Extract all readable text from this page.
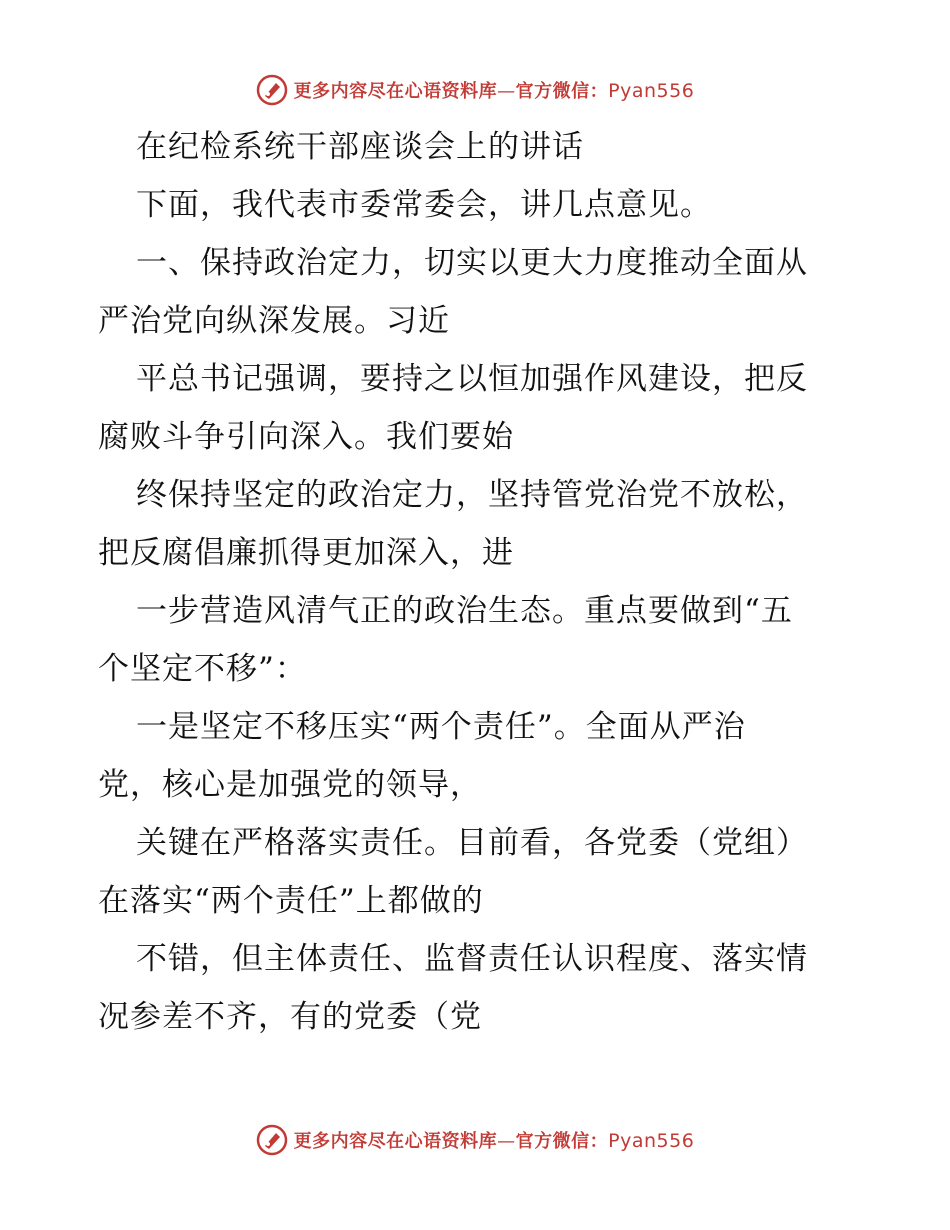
更多内容尽在心语资料库—官方微信：Pyan556
在纪检系统干部座谈会上的讲话
下面，我代表市委常委会，讲几点意见。
一、保持政治定力，切实以更大力度推动全面从
严治党向纵深发展。习近
平总书记强调，要持之以恒加强作风建设，把反
腐败斗争引向深入。我们要始
终保持坚定的政治定力，坚持管党治党不放松，
把反腐倡廉抓得更加深入，进
一步营造风清气正的政治生态。重点要做到“五
个坚定不移”：
一是坚定不移压实“两个责任”。全面从严治
党，核心是加强党的领导，
关键在严格落实责任。目前看，各党委（党组）
在落实“两个责任”上都做的
不错，但主体责任、监督责任认识程度、落实情
况参差不齐，有的党委（党
更多内容尽在心语资料库—官方微信：Pyan556
